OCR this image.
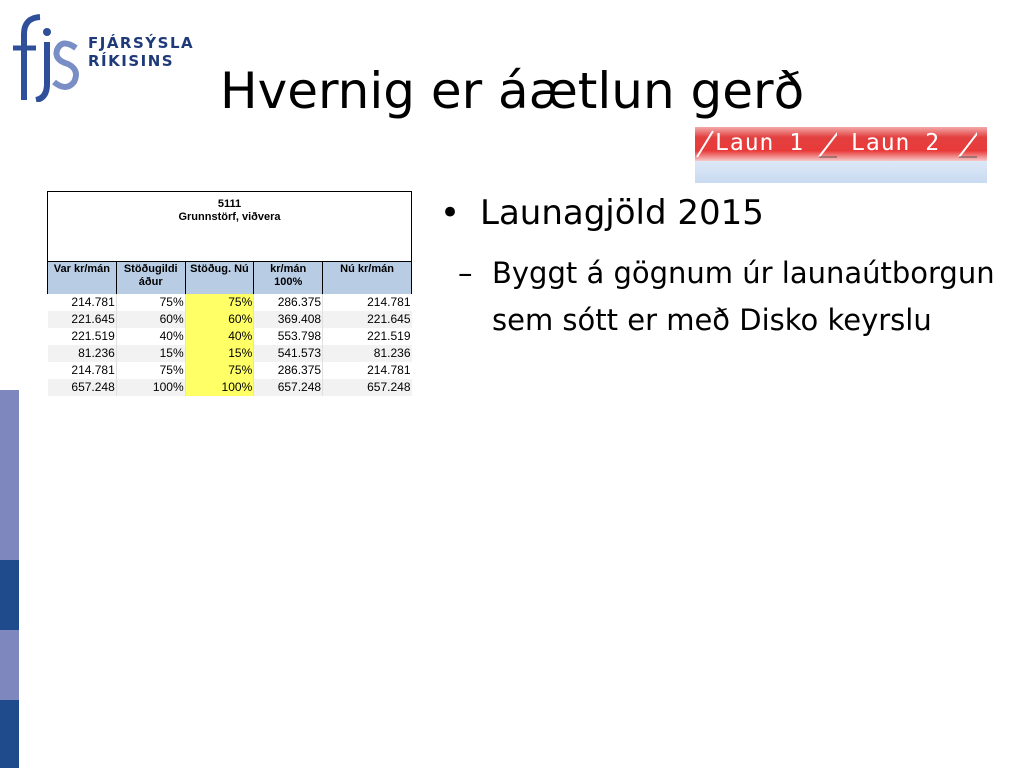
FJÁRSÝSLA
RÍKISINS
Hvernig er áætlun gerð
Laun 1 Laun 2
5111
Grunnstörf, viðvera
Var kr/mán	Stöðugildi áður	Stöðug. Nú	kr/mán 100%	Nú kr/mán
214.781	75%	75%	286.375	214.781
221.645	60%	60%	369.408	221.645
221.519	40%	40%	553.798	221.519
81.236	15%	15%	541.573	81.236
214.781	75%	75%	286.375	214.781
657.248	100%	100%	657.248	657.248
• Launagjöld 2015
– Byggt á gögnum úr launaútborgun sem sótt er með Disko keyrslu
